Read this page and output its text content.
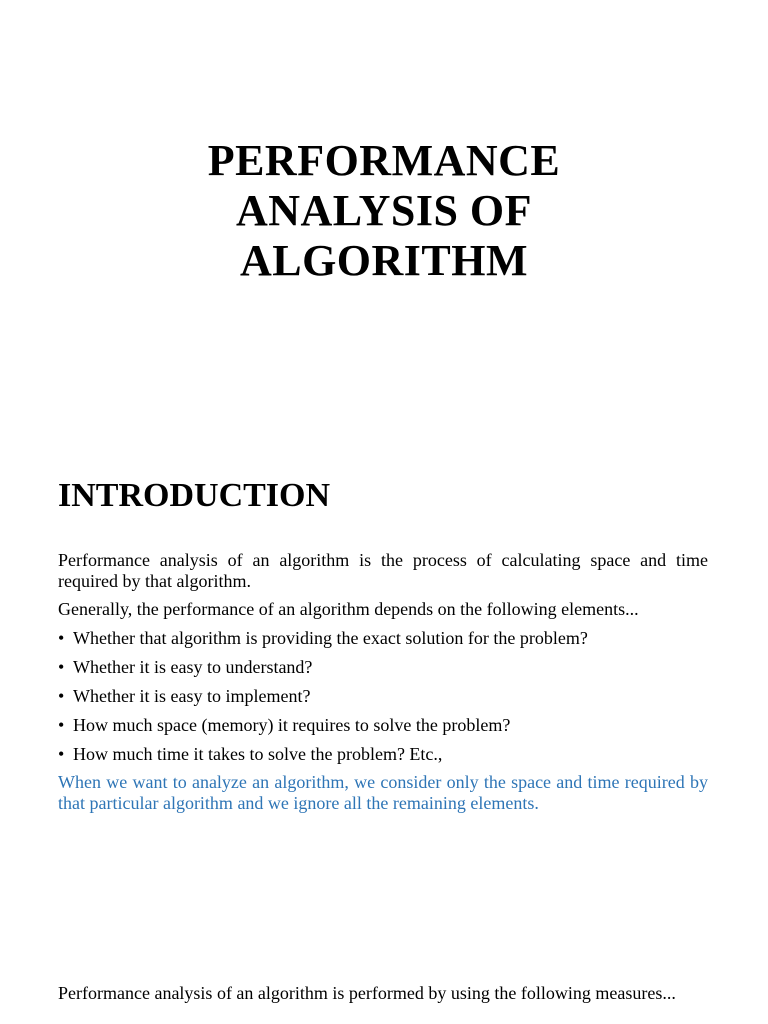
PERFORMANCE
ANALYSIS OF
ALGORITHM
INTRODUCTION
Performance analysis of an algorithm is the process of calculating space and time required by that algorithm.
Generally, the performance of an algorithm depends on the following elements...
• Whether that algorithm is providing the exact solution for the problem?
• Whether it is easy to understand?
• Whether it is easy to implement?
• How much space (memory) it requires to solve the problem?
• How much time it takes to solve the problem? Etc.,
When we want to analyze an algorithm, we consider only the space and time required by that particular algorithm and we ignore all the remaining elements.
Performance analysis of an algorithm is performed by using the following measures...
